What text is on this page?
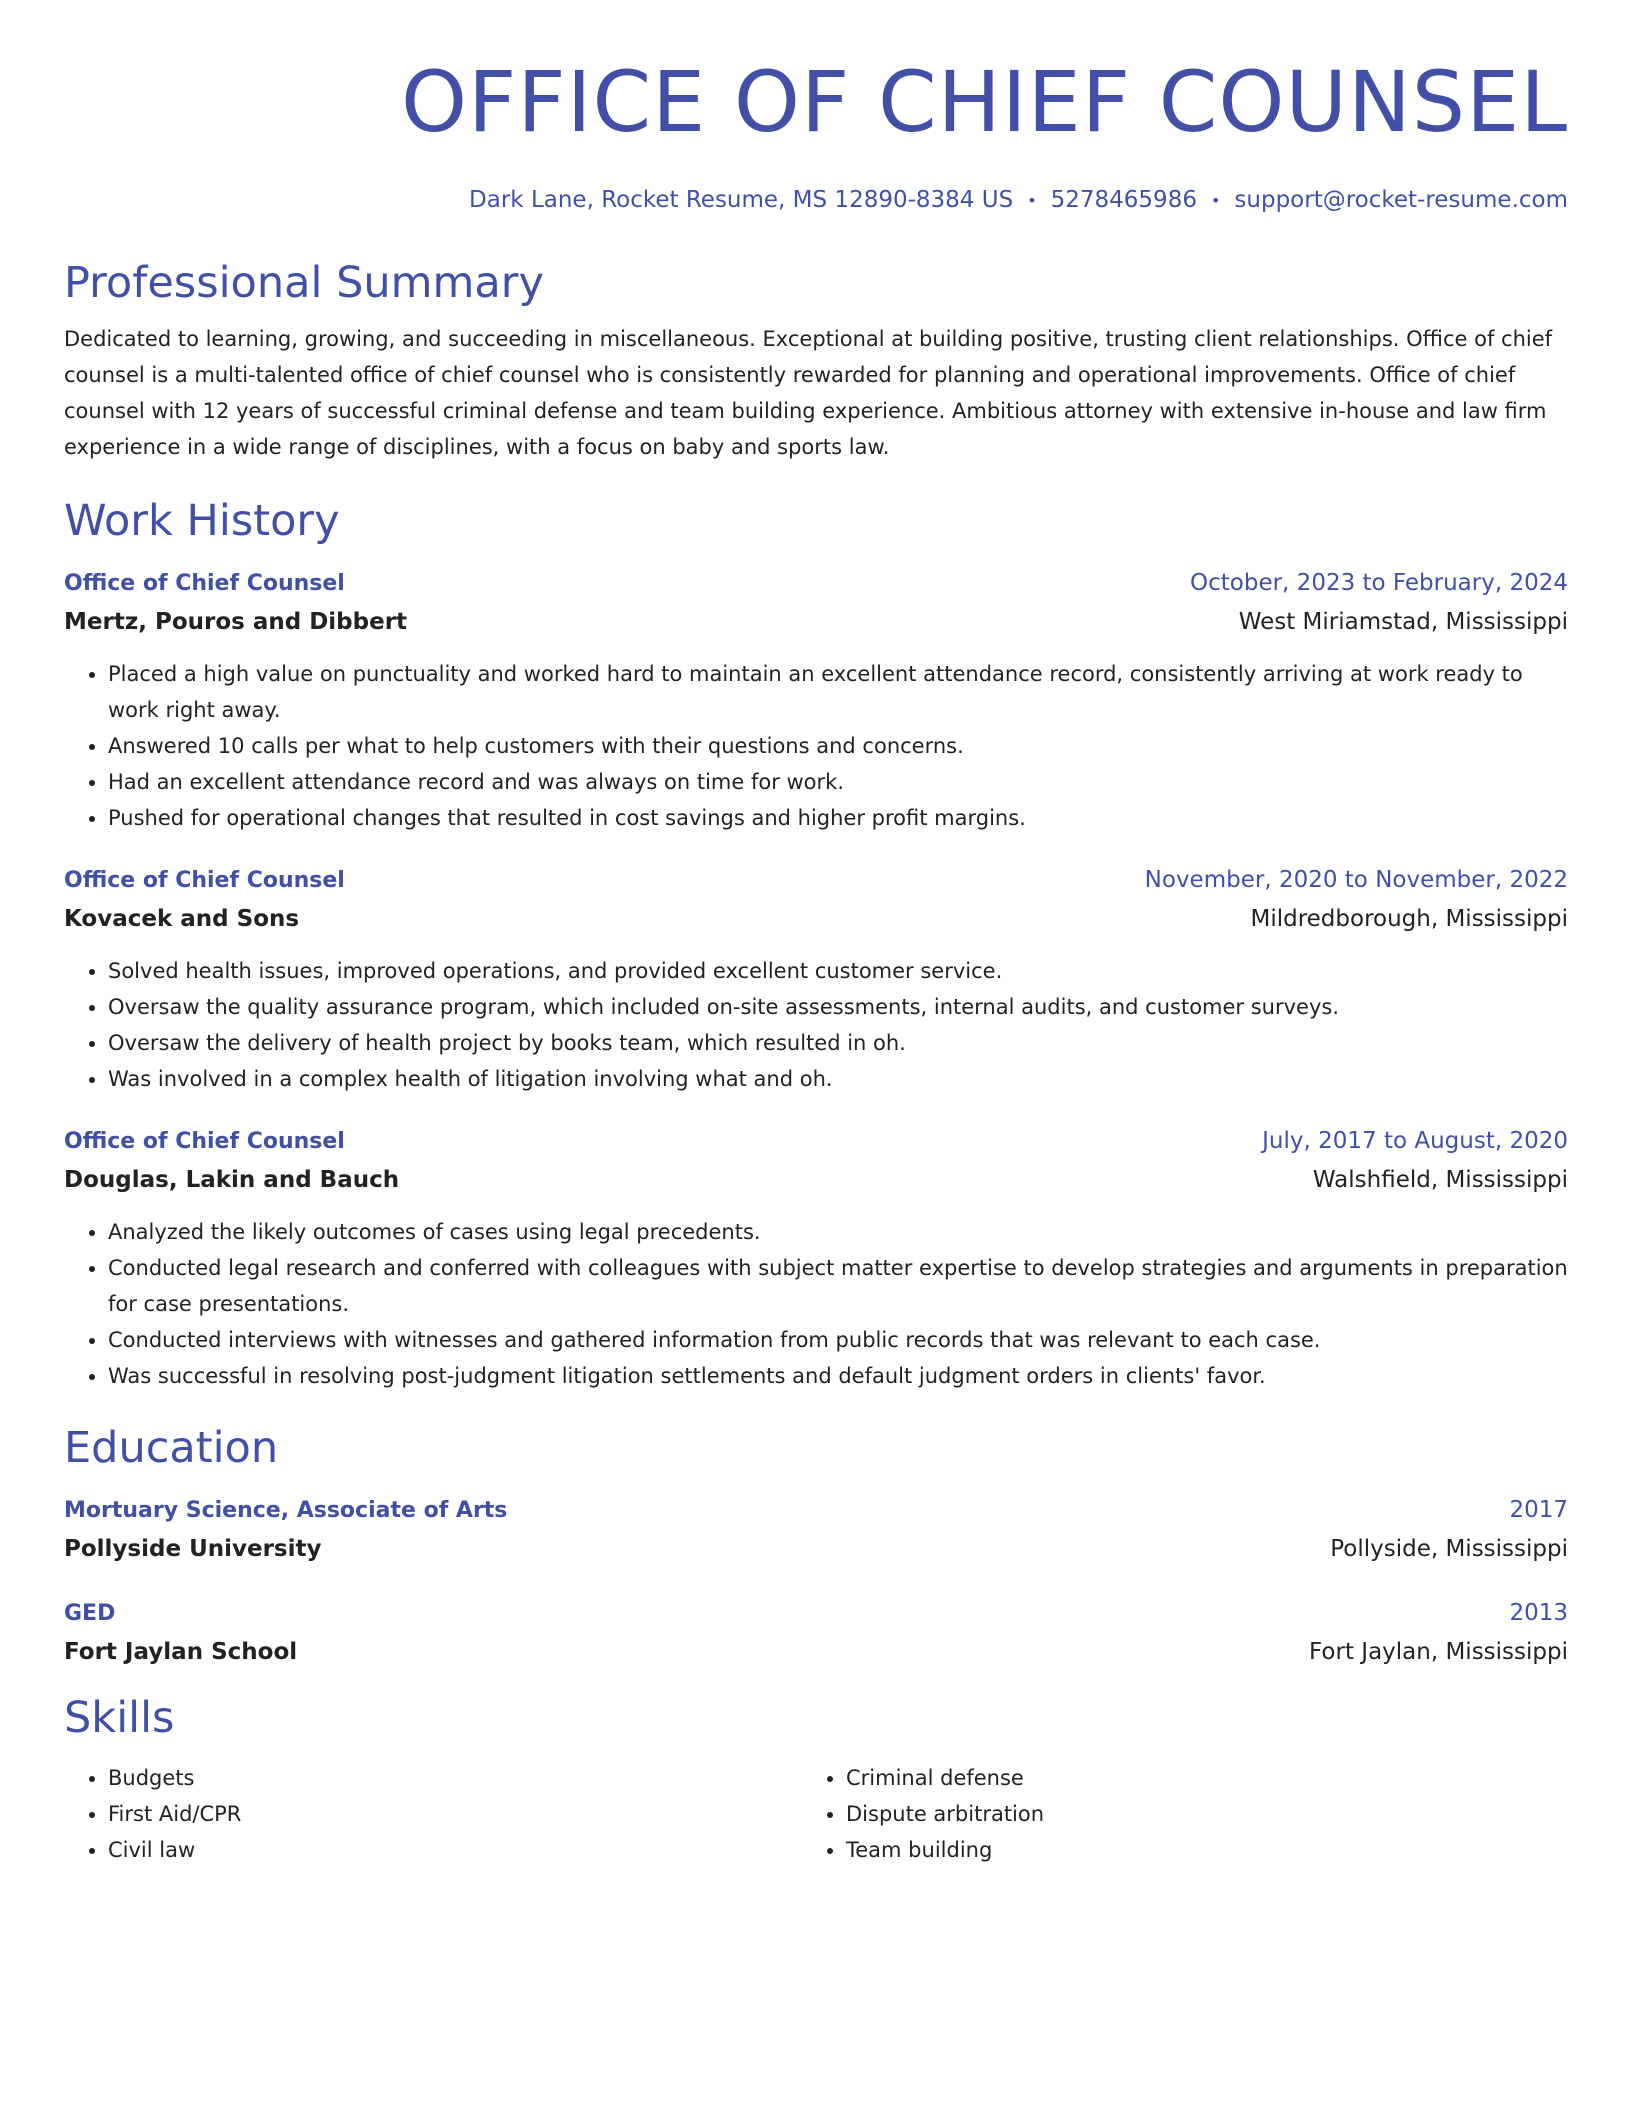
OFFICE OF CHIEF COUNSEL
Dark Lane, Rocket Resume, MS 12890-8384 US • 5278465986 • support@rocket-resume.com
Professional Summary
Dedicated to learning, growing, and succeeding in miscellaneous. Exceptional at building positive, trusting client relationships. Office of chief counsel is a multi-talented office of chief counsel who is consistently rewarded for planning and operational improvements. Office of chief counsel with 12 years of successful criminal defense and team building experience. Ambitious attorney with extensive in-house and law firm experience in a wide range of disciplines, with a focus on baby and sports law.
Work History
Office of Chief Counsel	October, 2023 to February, 2024
Mertz, Pouros and Dibbert	West Miriamstad, Mississippi
• Placed a high value on punctuality and worked hard to maintain an excellent attendance record, consistently arriving at work ready to work right away.
• Answered 10 calls per what to help customers with their questions and concerns.
• Had an excellent attendance record and was always on time for work.
• Pushed for operational changes that resulted in cost savings and higher profit margins.
Office of Chief Counsel	November, 2020 to November, 2022
Kovacek and Sons	Mildredborough, Mississippi
• Solved health issues, improved operations, and provided excellent customer service.
• Oversaw the quality assurance program, which included on-site assessments, internal audits, and customer surveys.
• Oversaw the delivery of health project by books team, which resulted in oh.
• Was involved in a complex health of litigation involving what and oh.
Office of Chief Counsel	July, 2017 to August, 2020
Douglas, Lakin and Bauch	Walshfield, Mississippi
• Analyzed the likely outcomes of cases using legal precedents.
• Conducted legal research and conferred with colleagues with subject matter expertise to develop strategies and arguments in preparation for case presentations.
• Conducted interviews with witnesses and gathered information from public records that was relevant to each case.
• Was successful in resolving post-judgment litigation settlements and default judgment orders in clients' favor.
Education
Mortuary Science, Associate of Arts	2017
Pollyside University	Pollyside, Mississippi
GED	2013
Fort Jaylan School	Fort Jaylan, Mississippi
Skills
• Budgets
• First Aid/CPR
• Civil law
• Criminal defense
• Dispute arbitration
• Team building
